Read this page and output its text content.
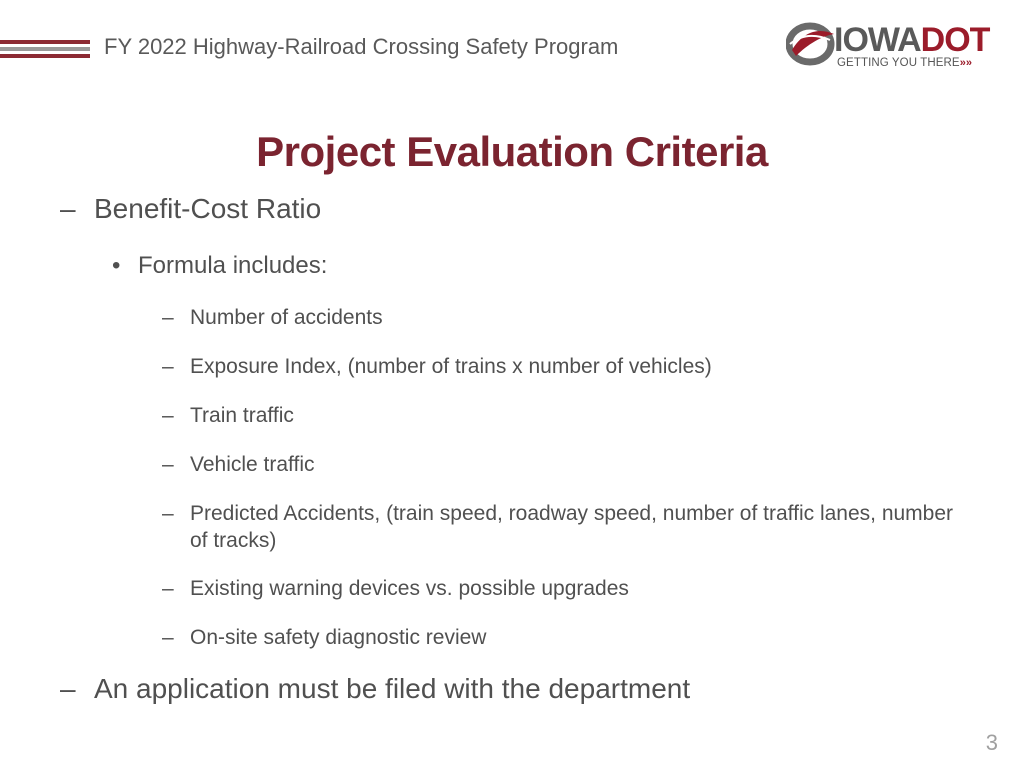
FY 2022 Highway-Railroad Crossing Safety Program	IOWADOT
GETTING YOU THERE»»
Project Evaluation Criteria
– Benefit-Cost Ratio
• Formula includes:
– Number of accidents
– Exposure Index, (number of trains x number of vehicles)
– Train traffic
– Vehicle traffic
– Predicted Accidents, (train speed, roadway speed, number of traffic lanes, number of tracks)
– Existing warning devices vs. possible upgrades
– On-site safety diagnostic review
– An application must be filed with the department
3
